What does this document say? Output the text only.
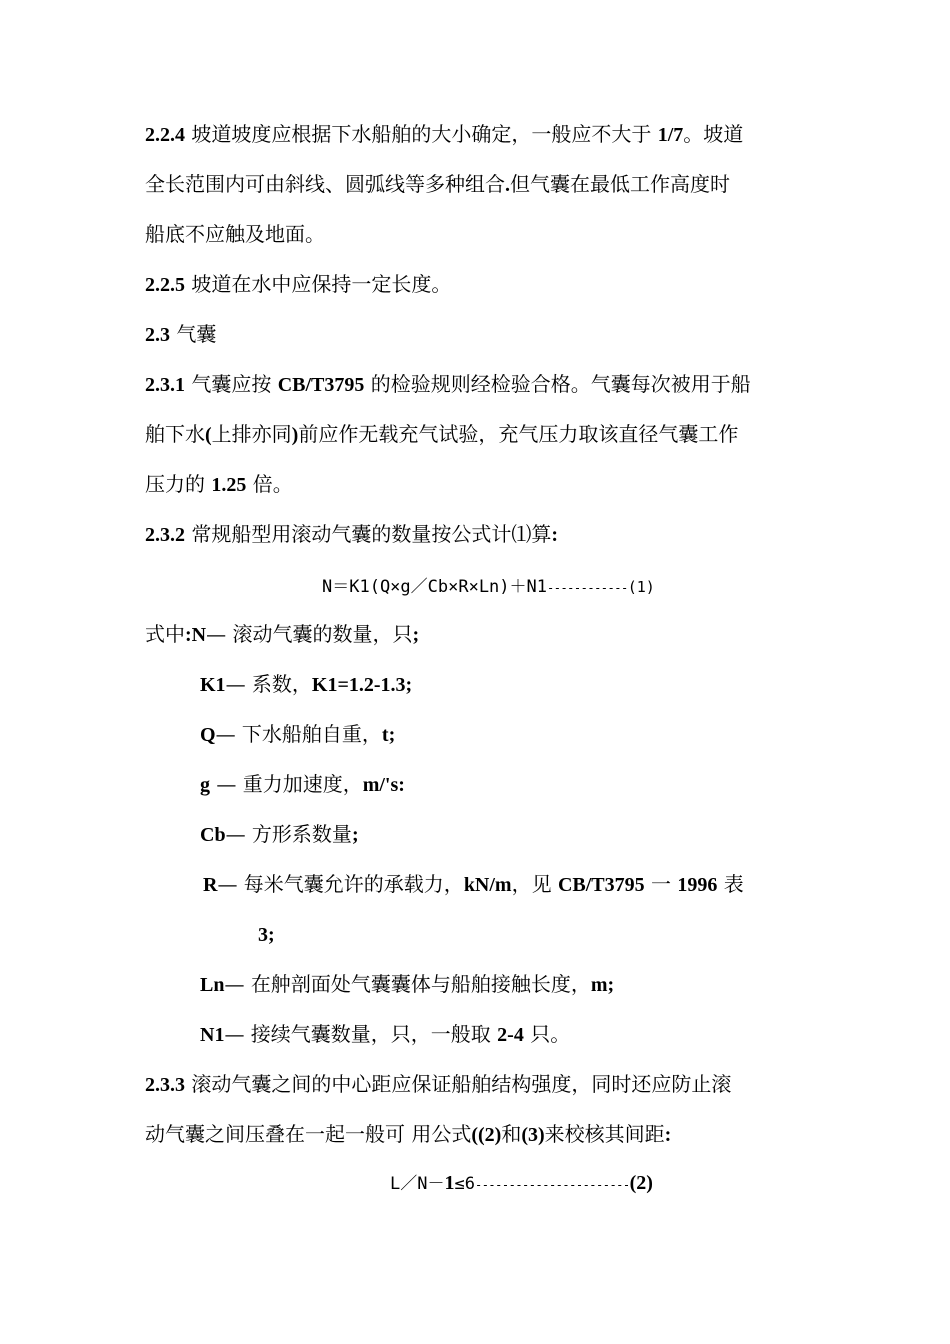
2.2.4 坡道坡度应根据下水船舶的大小确定，一般应不大于 1/7。坡道
全长范围内可由斜线、圆弧线等多种组合.但气囊在最低工作高度时
船底不应触及地面。
2.2.5 坡道在水中应保持一定长度。
2.3 气囊
2.3.1 气囊应按 CB/T3795 的检验规则经检验合格。气囊每次被用于船
舶下水(上排亦同)前应作无载充气试验，充气压力取该直径气囊工作
压力的 1.25 倍。
2.3.2 常规船型用滚动气囊的数量按公式计⑴算:
N＝K1(Q×g／Cb×R×Ln)＋N1------------(1)
式中:N— 滚动气囊的数量，只;
K1— 系数，K1=1.2-1.3;
Q— 下水船舶自重，t;
g — 重力加速度，m/'s:
Cb— 方形系数量;
R— 每米气囊允许的承载力，kN/m，见 CB/T3795 一 1996 表
3;
Ln— 在舯剖面处气囊囊体与船舶接触长度，m;
N1— 接续气囊数量，只，一般取 2-4 只。
2.3.3 滚动气囊之间的中心距应保证船舶结构强度，同时还应防止滚
动气囊之间压叠在一起一般可 用公式((2)和(3)来校核其间距:
L／N－1≤6-----------------------(2)
